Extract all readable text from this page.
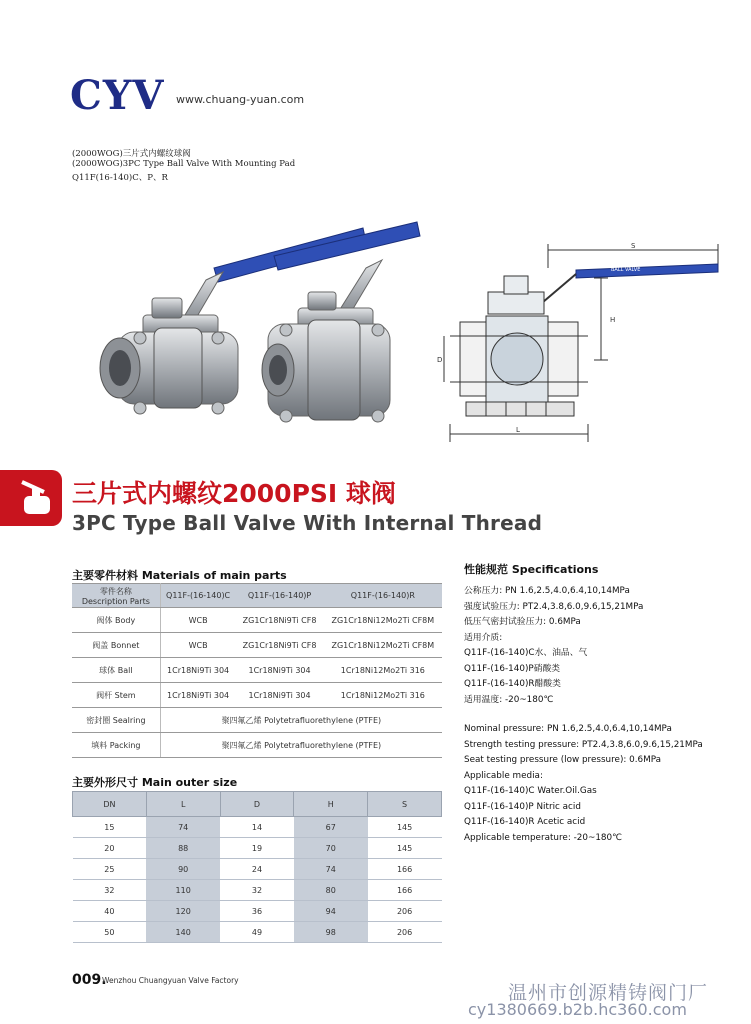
CYV www.chuang-yuan.com
(2000WOG)三片式内螺纹球阀
(2000WOG)3PC Type Ball Valve With Mounting Pad
Q11F(16-140)C、P、R
S
H
D
L
BALL VALVE
三片式内螺纹2000PSI 球阀
3PC Type Ball Valve With Internal Thread
主要零件材料 Materials of main parts
零件名称
Description Parts	Q11F-(16-140)C	Q11F-(16-140)P	Q11F-(16-140)R
阀体 Body	WCB	ZG1Cr18Ni9Ti CF8	ZG1Cr18Ni12Mo2Ti CF8M
阀盖 Bonnet	WCB	ZG1Cr18Ni9Ti CF8	ZG1Cr18Ni12Mo2Ti CF8M
球体 Ball	1Cr18Ni9Ti 304	1Cr18Ni9Ti 304	1Cr18Ni12Mo2Ti 316
阀杆 Stem	1Cr18Ni9Ti 304	1Cr18Ni9Ti 304	1Cr18Ni12Mo2Ti 316
密封圈 Sealring	聚四氟乙烯 Polytetrafluorethylene (PTFE)		
填料 Packing	聚四氟乙烯 Polytetrafluorethylene (PTFE)		
主要外形尺寸 Main outer size
DN	L	D	H	S
15	74	14	67	145
20	88	19	70	145
25	90	24	74	166
32	110	32	80	166
40	120	36	94	206
50	140	49	98	206
性能规范 Specifications
公称压力: PN 1.6,2.5,4.0,6.4,10,14MPa
强度试验压力: PT2.4,3.8,6.0,9.6,15,21MPa
低压气密封试验压力: 0.6MPa
适用介质:
Q11F-(16-140)C水、油品、气
Q11F-(16-140)P硝酸类
Q11F-(16-140)R醋酸类
适用温度: -20~180℃
Nominal pressure: PN 1.6,2.5,4.0,6.4,10,14MPa
Strength testing pressure: PT2.4,3.8,6.0,9.6,15,21MPa
Seat testing pressure (low pressure): 0.6MPa
Applicable media:
Q11F-(16-140)C Water.Oil.Gas
Q11F-(16-140)P Nitric acid
Q11F-(16-140)R Acetic acid
Applicable temperature: -20~180℃
009.
Wenzhou Chuangyuan Valve Factory
温州市创源精铸阀门厂
cy1380669.b2b.hc360.com
